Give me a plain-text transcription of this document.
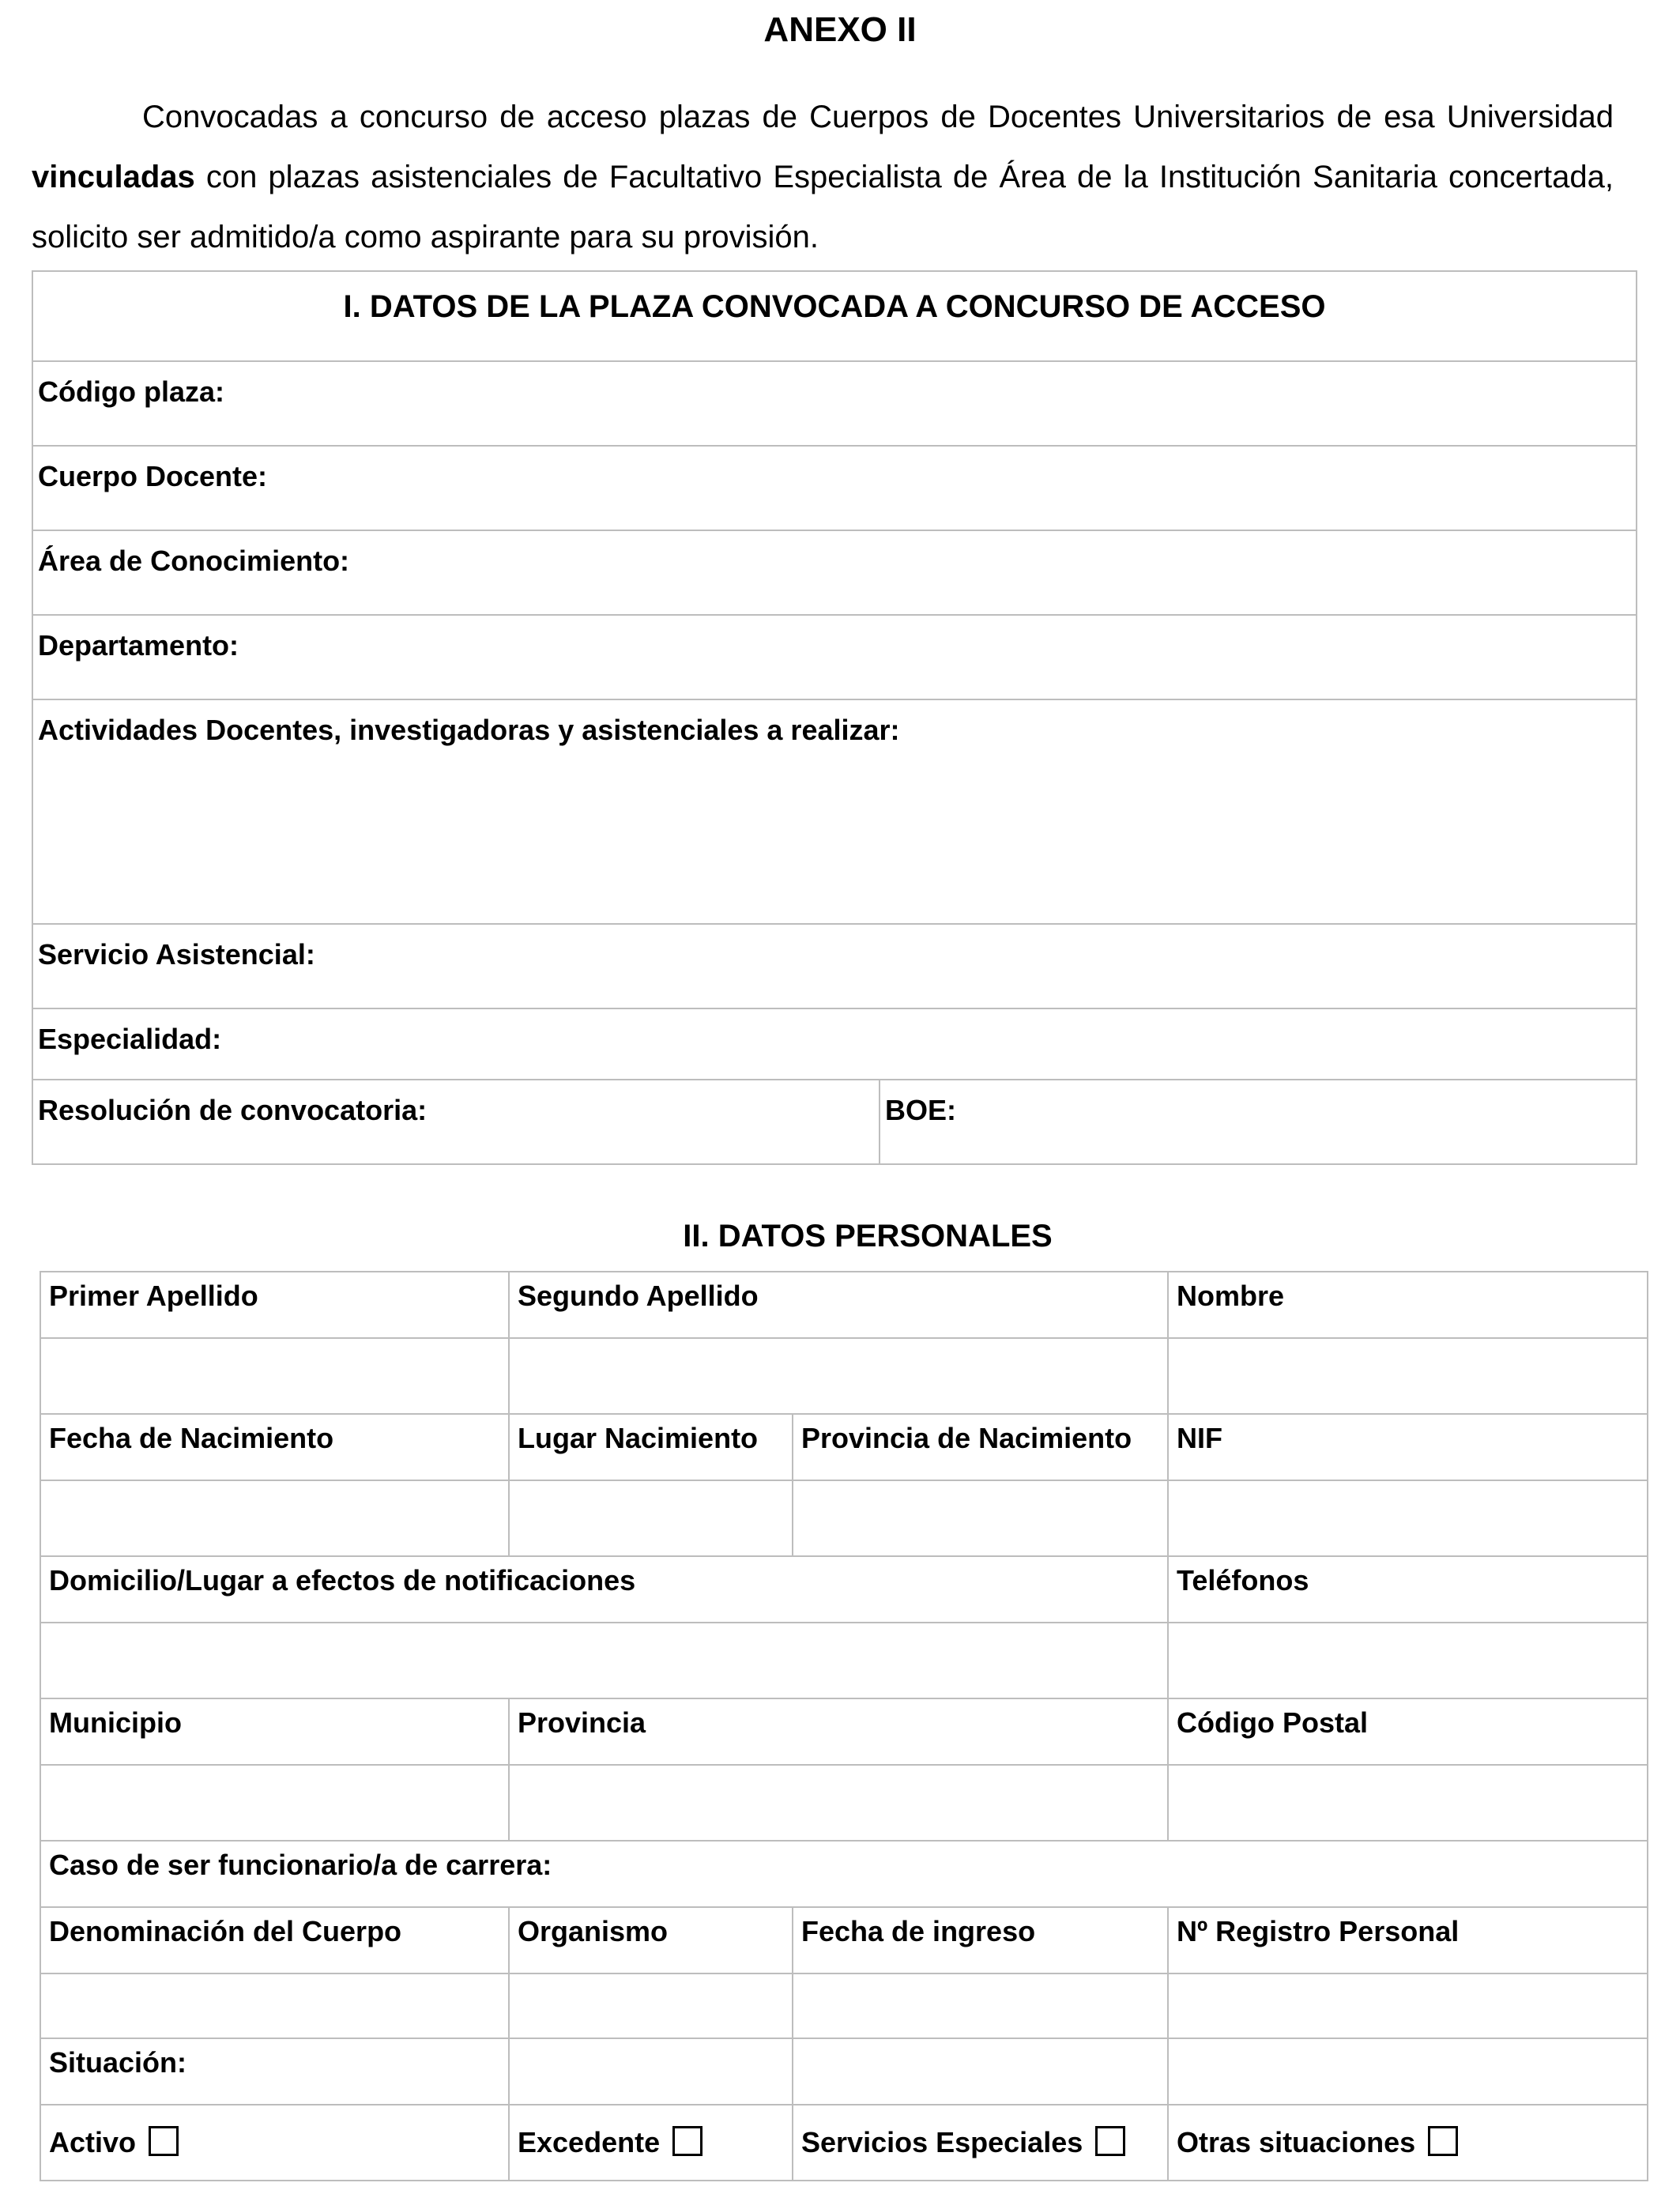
ANEXO II

Convocadas a concurso de acceso plazas de Cuerpos de Docentes Universitarios de esa Universidad vinculadas con plazas asistenciales de Facultativo Especialista de Área de la Institución Sanitaria concertada, solicito ser admitido/a como aspirante para su provisión.

I. DATOS DE LA PLAZA CONVOCADA A CONCURSO DE ACCESO
Código plaza:
Cuerpo Docente:
Área de Conocimiento:
Departamento:
Actividades Docentes, investigadoras y asistenciales a realizar:
Servicio Asistencial:
Especialidad:
Resolución de convocatoria:	BOE:
II. DATOS PERSONALES
Primer Apellido	Segundo Apellido		Nombre

Fecha de Nacimiento	Lugar Nacimiento	Provincia de Nacimiento	NIF

Domicilio/Lugar a efectos de notificaciones			Teléfonos

Municipio	Provincia		Código Postal

Caso de ser funcionario/a de carrera:			
Denominación del Cuerpo	Organismo	Fecha de ingreso	Nº Registro Personal

Situación:			
Activo	Excedente	Servicios Especiales	Otras situaciones
